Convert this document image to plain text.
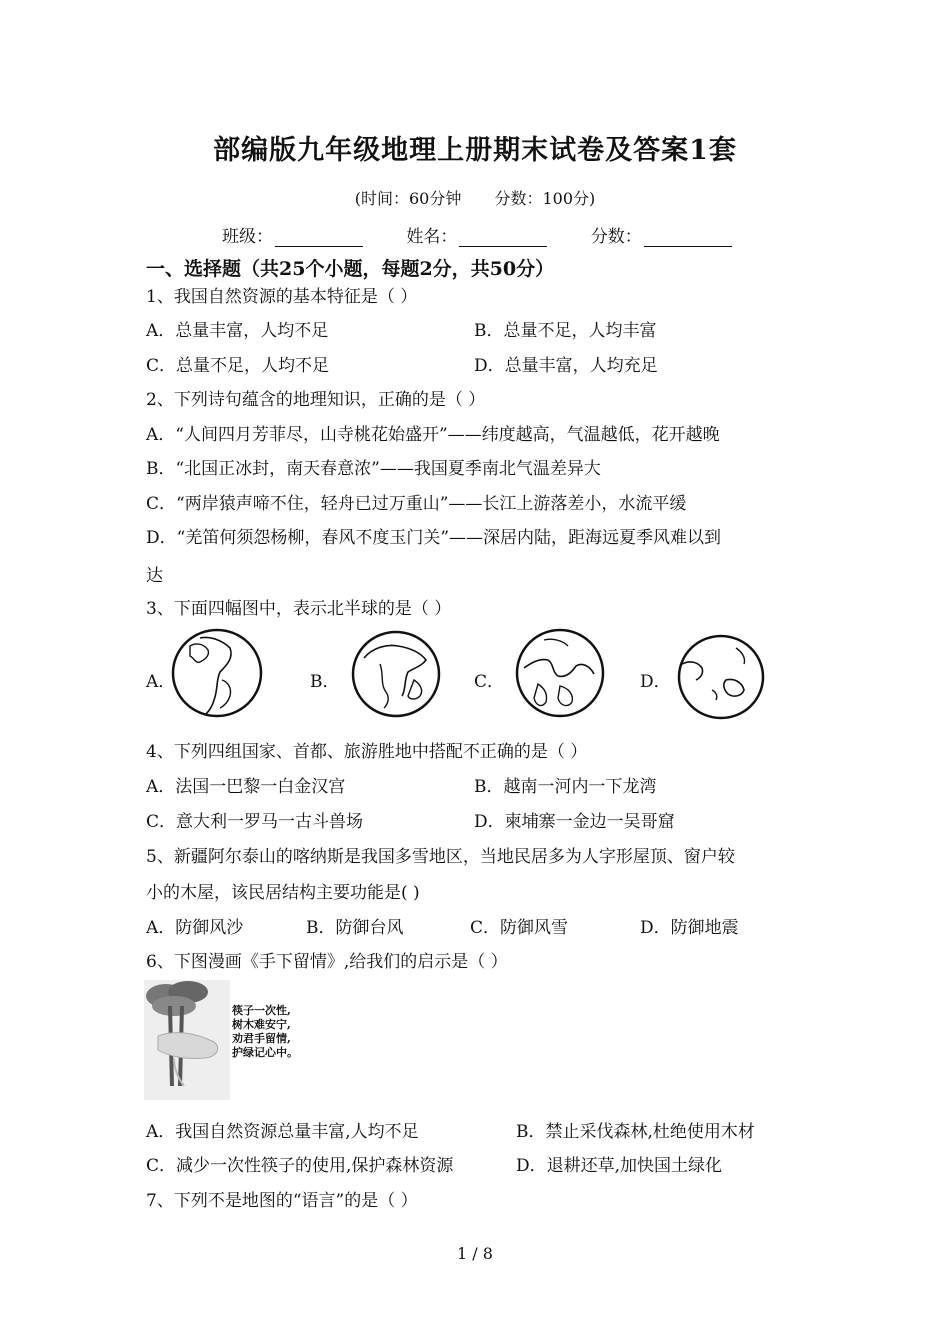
部编版九年级地理上册期末试卷及答案1套
(时间：60分钟 分数：100分)
班级：	姓名：	分数：
一、选择题（共25个小题，每题2分，共50分）
1、我国自然资源的基本特征是（ ）
A．总量丰富，人均不足	B．总量不足，人均丰富
C．总量不足，人均不足	D．总量丰富，人均充足
2、下列诗句蕴含的地理知识，正确的是（ ）
A．“人间四月芳菲尽，山寺桃花始盛开”——纬度越高，气温越低，花开越晚
B．“北国正冰封，南天春意浓”——我国夏季南北气温差异大
C．“两岸猿声啼不住，轻舟已过万重山”——长江上游落差小，水流平缓
D．“羌笛何须怨杨柳，春风不度玉门关”——深居内陆，距海远夏季风难以到
达
3、下面四幅图中，表示北半球的是（ ）
A．	B．	C．	D．
4、下列四组国家、首都、旅游胜地中搭配不正确的是（ ）
A．法国一巴黎一白金汉宫	B．越南一河内一下龙湾
C．意大利一罗马一古斗兽场	D．柬埔寨一金边一吴哥窟
5、新疆阿尔泰山的喀纳斯是我国多雪地区，当地民居多为人字形屋顶、窗户较
小的木屋，该民居结构主要功能是( )
A．防御风沙	B．防御台风	C．防御风雪	D．防御地震
6、下图漫画《手下留情》,给我们的启示是（ ）
筷子一次性,
树木难安宁,
劝君手留情,
护绿记心中。
A．我国自然资源总量丰富,人均不足	B．禁止采伐森林,杜绝使用木材
C．减少一次性筷子的使用,保护森林资源	D．退耕还草,加快国土绿化
7、下列不是地图的“语言”的是（ ）
1 / 8
